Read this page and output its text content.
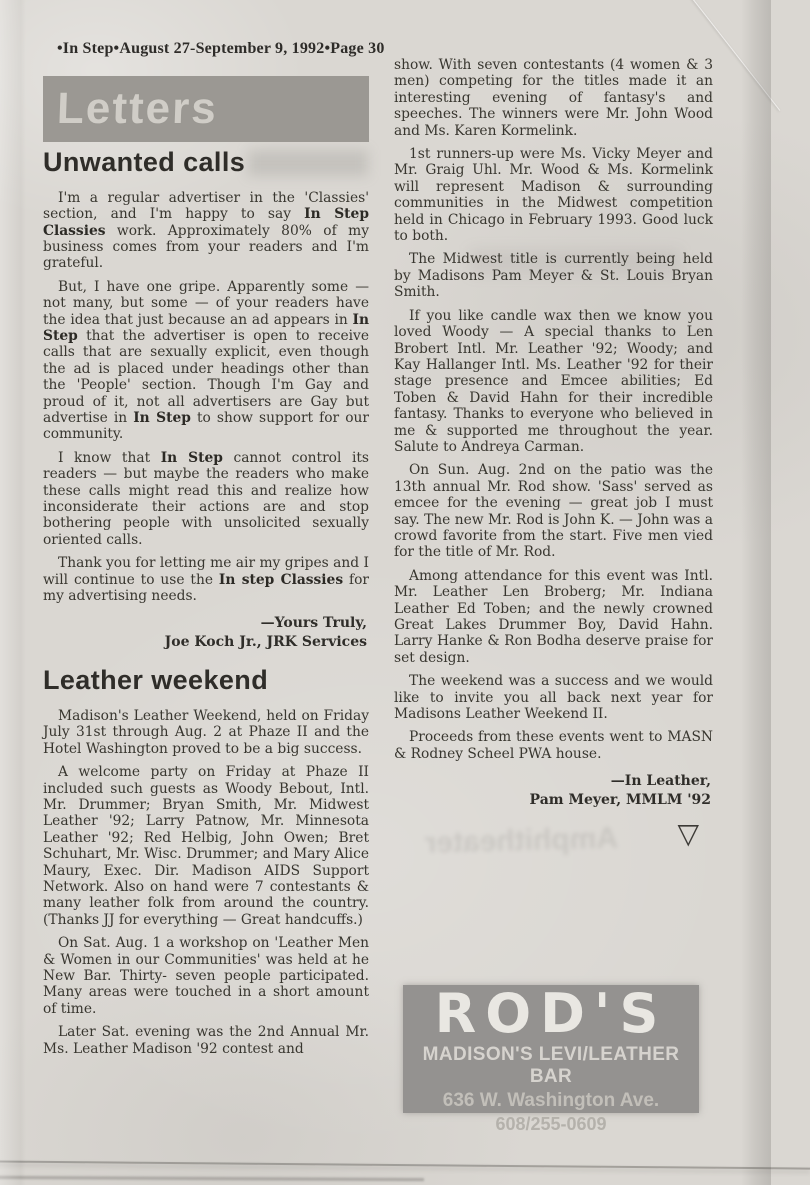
•In Step•August 27-September 9, 1992•Page 30
Amphitheater
Letters
Unwanted calls

I'm a regular advertiser in the 'Classies' section, and I'm happy to say In Step Classies work. Approximately 80% of my business comes from your readers and I'm grateful.

But, I have one gripe. Apparently some — not many, but some — of your readers have the idea that just because an ad appears in In Step that the advertiser is open to receive calls that are sexually explicit, even though the ad is placed under headings other than the 'People' section. Though I'm Gay and proud of it, not all advertisers are Gay but advertise in In Step to show support for our community.

I know that In Step cannot control its readers — but maybe the readers who make these calls might read this and realize how inconsiderate their actions are and stop bothering people with unsolicited sexually oriented calls.

Thank you for letting me air my gripes and I will continue to use the In step Classies for my advertising needs.

—Yours Truly,
Joe Koch Jr., JRK Services
Leather weekend

Madison's Leather Weekend, held on Friday July 31st through Aug. 2 at Phaze II and the Hotel Washington proved to be a big success.

A welcome party on Friday at Phaze II included such guests as Woody Bebout, Intl. Mr. Drummer; Bryan Smith, Mr. Midwest Leather '92; Larry Patnow, Mr. Minnesota Leather '92; Red Helbig, John Owen; Bret Schuhart, Mr. Wisc. Drummer; and Mary Alice Maury, Exec. Dir. Madison AIDS Support Network. Also on hand were 7 contestants & many leather folk from around the country. (Thanks JJ for everything — Great handcuffs.)

On Sat. Aug. 1 a workshop on 'Leather Men & Women in our Communities' was held at he New Bar. Thirty- seven people participated. Many areas were touched in a short amount of time.

Later Sat. evening was the 2nd Annual Mr. Ms. Leather Madison '92 contest and

show. With seven contestants (4 women & 3 men) competing for the titles made it an interesting evening of fantasy's and speeches. The winners were Mr. John Wood and Ms. Karen Kormelink.

1st runners-up were Ms. Vicky Meyer and Mr. Graig Uhl. Mr. Wood & Ms. Kormelink will represent Madison & surrounding communities in the Midwest competition held in Chicago in February 1993. Good luck to both.

The Midwest title is currently being held by Madisons Pam Meyer & St. Louis Bryan Smith.

If you like candle wax then we know you loved Woody — A special thanks to Len Brobert Intl. Mr. Leather '92; Woody; and Kay Hallanger Intl. Ms. Leather '92 for their stage presence and Emcee abilities; Ed Toben & David Hahn for their incredible fantasy. Thanks to everyone who believed in me & supported me throughout the year. Salute to Andreya Carman.

On Sun. Aug. 2nd on the patio was the 13th annual Mr. Rod show. 'Sass' served as emcee for the evening — great job I must say. The new Mr. Rod is John K. — John was a crowd favorite from the start. Five men vied for the title of Mr. Rod.

Among attendance for this event was Intl. Mr. Leather Len Broberg; Mr. Indiana Leather Ed Toben; and the newly crowned Great Lakes Drummer Boy, David Hahn. Larry Hanke & Ron Bodha deserve praise for set design.

The weekend was a success and we would like to invite you all back next year for Madisons Leather Weekend II.

Proceeds from these events went to MASN & Rodney Scheel PWA house.

—In Leather,
Pam Meyer, MMLM '92
▽
ROD'S
MADISON'S LEVI/LEATHER BAR
636 W. Washington Ave.
608/255-0609
